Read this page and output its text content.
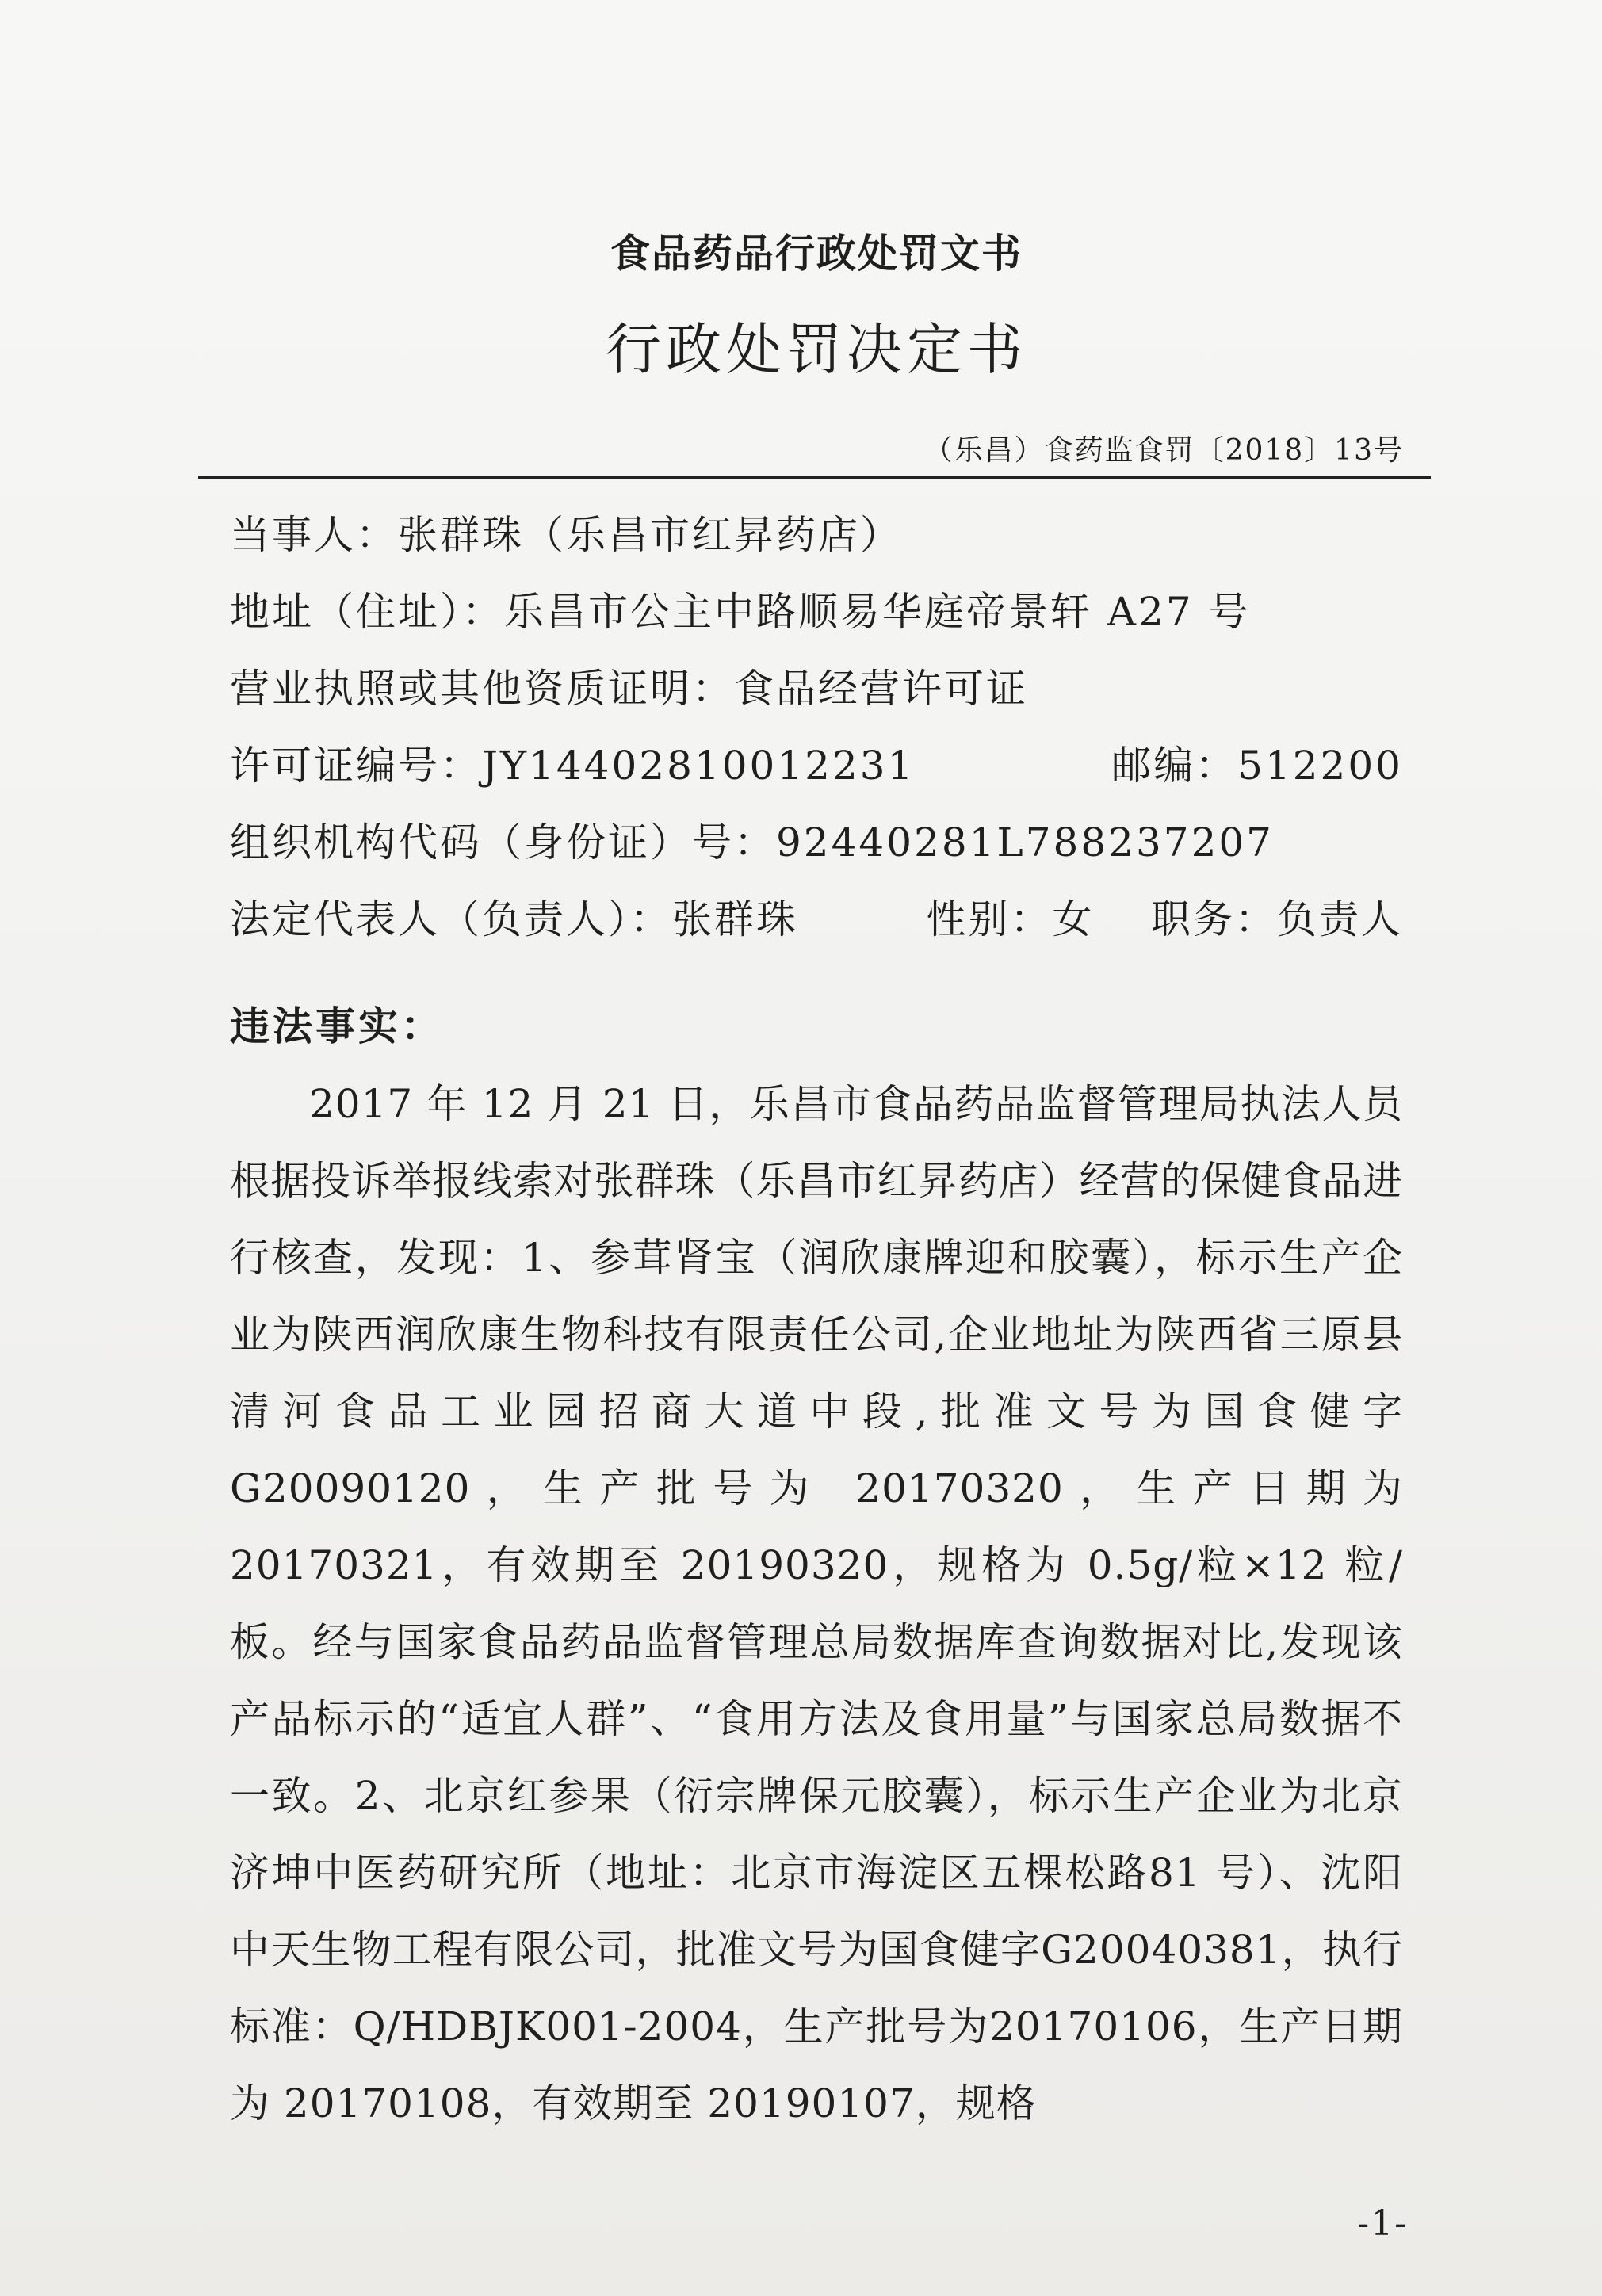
食品药品行政处罚文书
行政处罚决定书
（乐昌）食药监食罚〔2018〕13号
当事人：张群珠（乐昌市红昇药店）
地址（住址）：乐昌市公主中路顺易华庭帝景轩 A27 号
营业执照或其他资质证明：食品经营许可证
许可证编号：JY14402810012231	邮编：512200
组织机构代码（身份证）号：92440281L788237207
法定代表人（负责人）：张群珠	性别：女 职务：负责人
违法事实：
2017 年 12 月 21 日，乐昌市食品药品监督管理局执法人员根据投诉举报线索对张群珠（乐昌市红昇药店）经营的保健食品进行核查，发现：1、参茸肾宝（润欣康牌迎和胶囊），标示生产企业为陕西润欣康生物科技有限责任公司,企业地址为陕西省三原县清河食品工业园招商大道中段,批准文号为国食健字 G20090120，生产批号为 20170320，生产日期为20170321，有效期至 20190320，规格为 0.5g/粒×12 粒/板。经与国家食品药品监督管理总局数据库查询数据对比,发现该产品标示的“适宜人群”、“食用方法及食用量”与国家总局数据不一致。2、北京红参果（衍宗牌保元胶囊），标示生产企业为北京济坤中医药研究所（地址：北京市海淀区五棵松路81 号）、沈阳中天生物工程有限公司，批准文号为国食健字G20040381，执行标准：Q/HDBJK001-2004，生产批号为20170106，生产日期为 20170108，有效期至 20190107，规格
-1-
